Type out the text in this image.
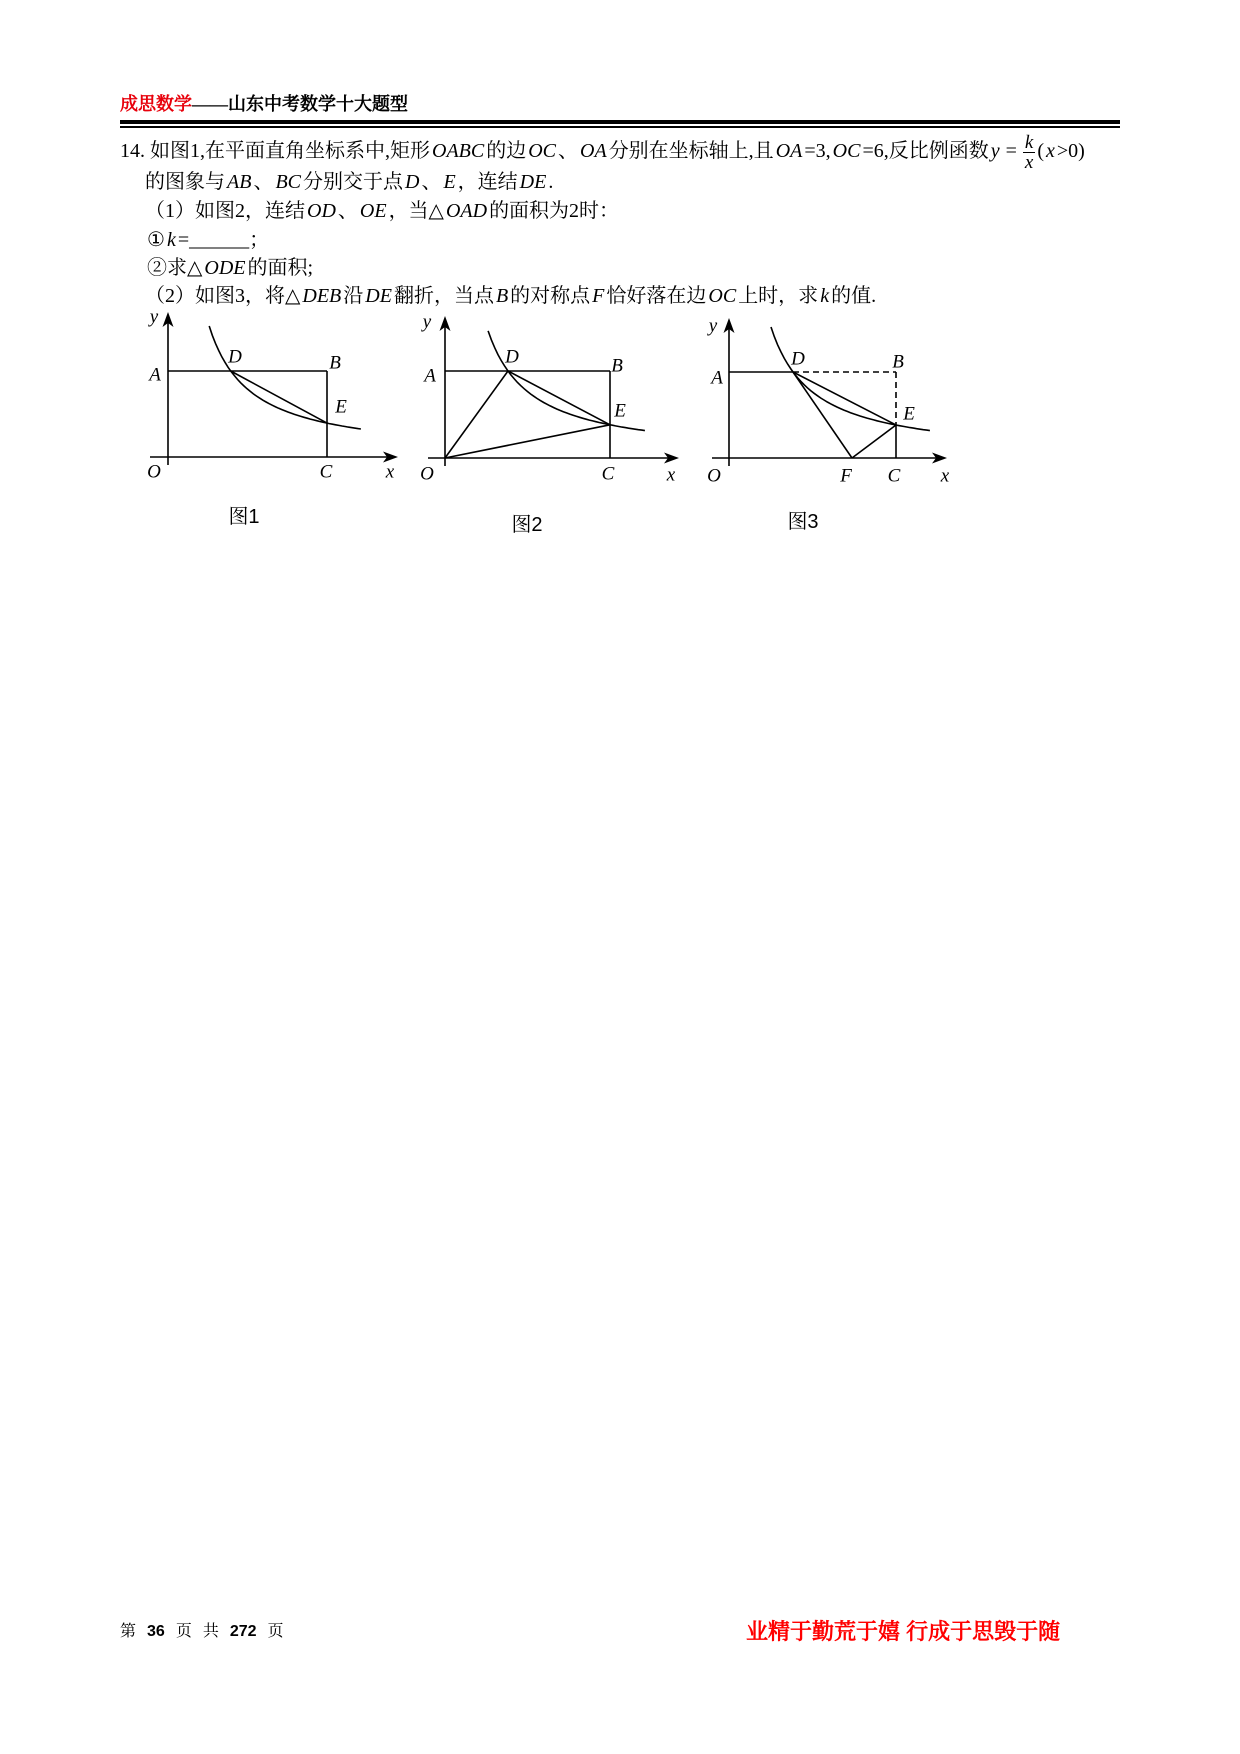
成思数学——山东中考数学十大题型
14. 如图1,在平面直角坐标系中,矩形 OABC 的边 OC 、 OA 分别在坐标轴上,且 OA =3, OC =6,反比例函数 $y = \frac{k}{x}$ ( x >0)
的图象与 AB 、 BC 分别交于点 D 、 E ，连结 DE .
（1）如图2，连结 OD 、 OE ，当△ OAD 的面积为2时：
① k =______；
②求△ ODE 的面积;
（2）如图3，将△ DEB 沿 DE 翻折，当点 B 的对称点 F 恰好落在边 OC 上时，求 k 的值.
y
A
D	B
E
O	C	x
图1
y
A
D	B
E
O	C	x
图2
y
A
D	B
E
O	F C x
图3
第 36 页 共 272 页	业精于勤荒于嬉 行成于思毁于随
